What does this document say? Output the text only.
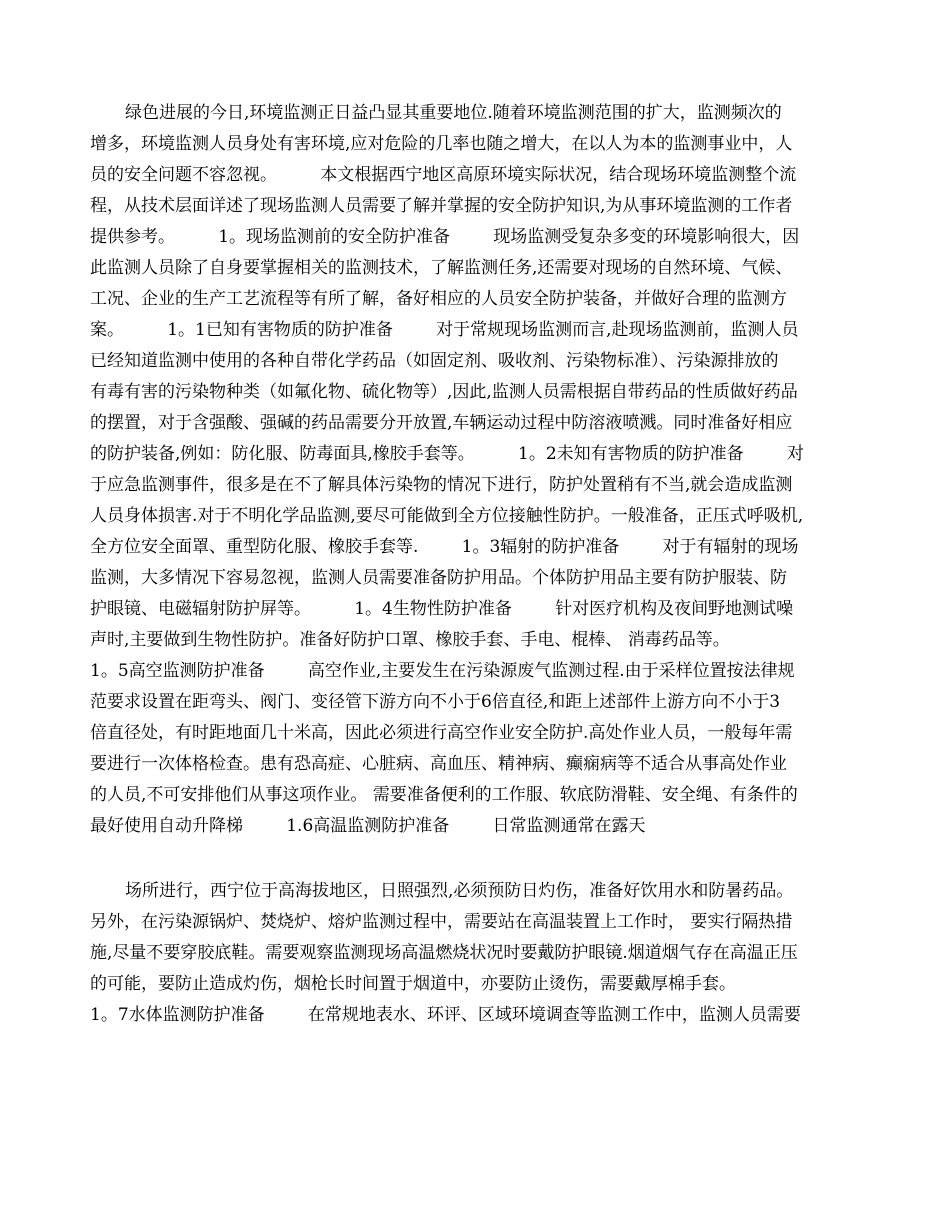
绿色进展的今日,环境监测正日益凸显其重要地位.随着环境监测范围的扩大，监测频次的
增多，环境监测人员身处有害环境,应对危险的几率也随之增大，在以人为本的监测事业中，人
员的安全问题不容忽视。        本文根据西宁地区高原环境实际状况，结合现场环境监测整个流
程，从技术层面详述了现场监测人员需要了解并掌握的安全防护知识,为从事环境监测的工作者
提供参考。        1。现场监测前的安全防护准备        现场监测受复杂多变的环境影响很大，因
此监测人员除了自身要掌握相关的监测技术，了解监测任务,还需要对现场的自然环境、气候、
工况、企业的生产工艺流程等有所了解，备好相应的人员安全防护装备，并做好合理的监测方
案。        1。1已知有害物质的防护准备        对于常规现场监测而言,赴现场监测前，监测人员
已经知道监测中使用的各种自带化学药品（如固定剂、吸收剂、污染物标准）、污染源排放的
有毒有害的污染物种类（如氟化物、硫化物等）,因此,监测人员需根据自带药品的性质做好药品
的摆置，对于含强酸、强碱的药品需要分开放置,车辆运动过程中防溶液喷溅。同时准备好相应
的防护装备,例如：防化服、防毒面具,橡胶手套等。        1。2未知有害物质的防护准备        对
于应急监测事件，很多是在不了解具体污染物的情况下进行，防护处置稍有不当,就会造成监测
人员身体损害.对于不明化学品监测,要尽可能做到全方位接触性防护。一般准备，正压式呼吸机,
全方位安全面罩、重型防化服、橡胶手套等.        1。3辐射的防护准备        对于有辐射的现场
监测，大多情况下容易忽视，监测人员需要准备防护用品。个体防护用品主要有防护服装、防
护眼镜、电磁辐射防护屏等。        1。4生物性防护准备        针对医疗机构及夜间野地测试噪
声时,主要做到生物性防护。准备好防护口罩、橡胶手套、手电、棍棒、 消毒药品等。
1。5高空监测防护准备        高空作业,主要发生在污染源废气监测过程.由于采样位置按法律规
范要求设置在距弯头、阀门、变径管下游方向不小于6倍直径,和距上述部件上游方向不小于3
倍直径处，有时距地面几十米高，因此必须进行高空作业安全防护.高处作业人员，一般每年需
要进行一次体格检查。患有恐高症、心脏病、高血压、精神病、癫痫病等不适合从事高处作业
的人员,不可安排他们从事这项作业。 需要准备便利的工作服、软底防滑鞋、安全绳、有条件的
最好使用自动升降梯        1.6高温监测防护准备        日常监测通常在露天
场所进行，西宁位于高海拔地区，日照强烈,必须预防日灼伤，准备好饮用水和防暑药品。
另外，在污染源锅炉、焚烧炉、熔炉监测过程中，需要站在高温装置上工作时， 要实行隔热措
施,尽量不要穿胶底鞋。需要观察监测现场高温燃烧状况时要戴防护眼镜.烟道烟气存在高温正压
的可能，要防止造成灼伤，烟枪长时间置于烟道中，亦要防止烫伤，需要戴厚棉手套。
1。7水体监测防护准备        在常规地表水、环评、区域环境调查等监测工作中，监测人员需要
